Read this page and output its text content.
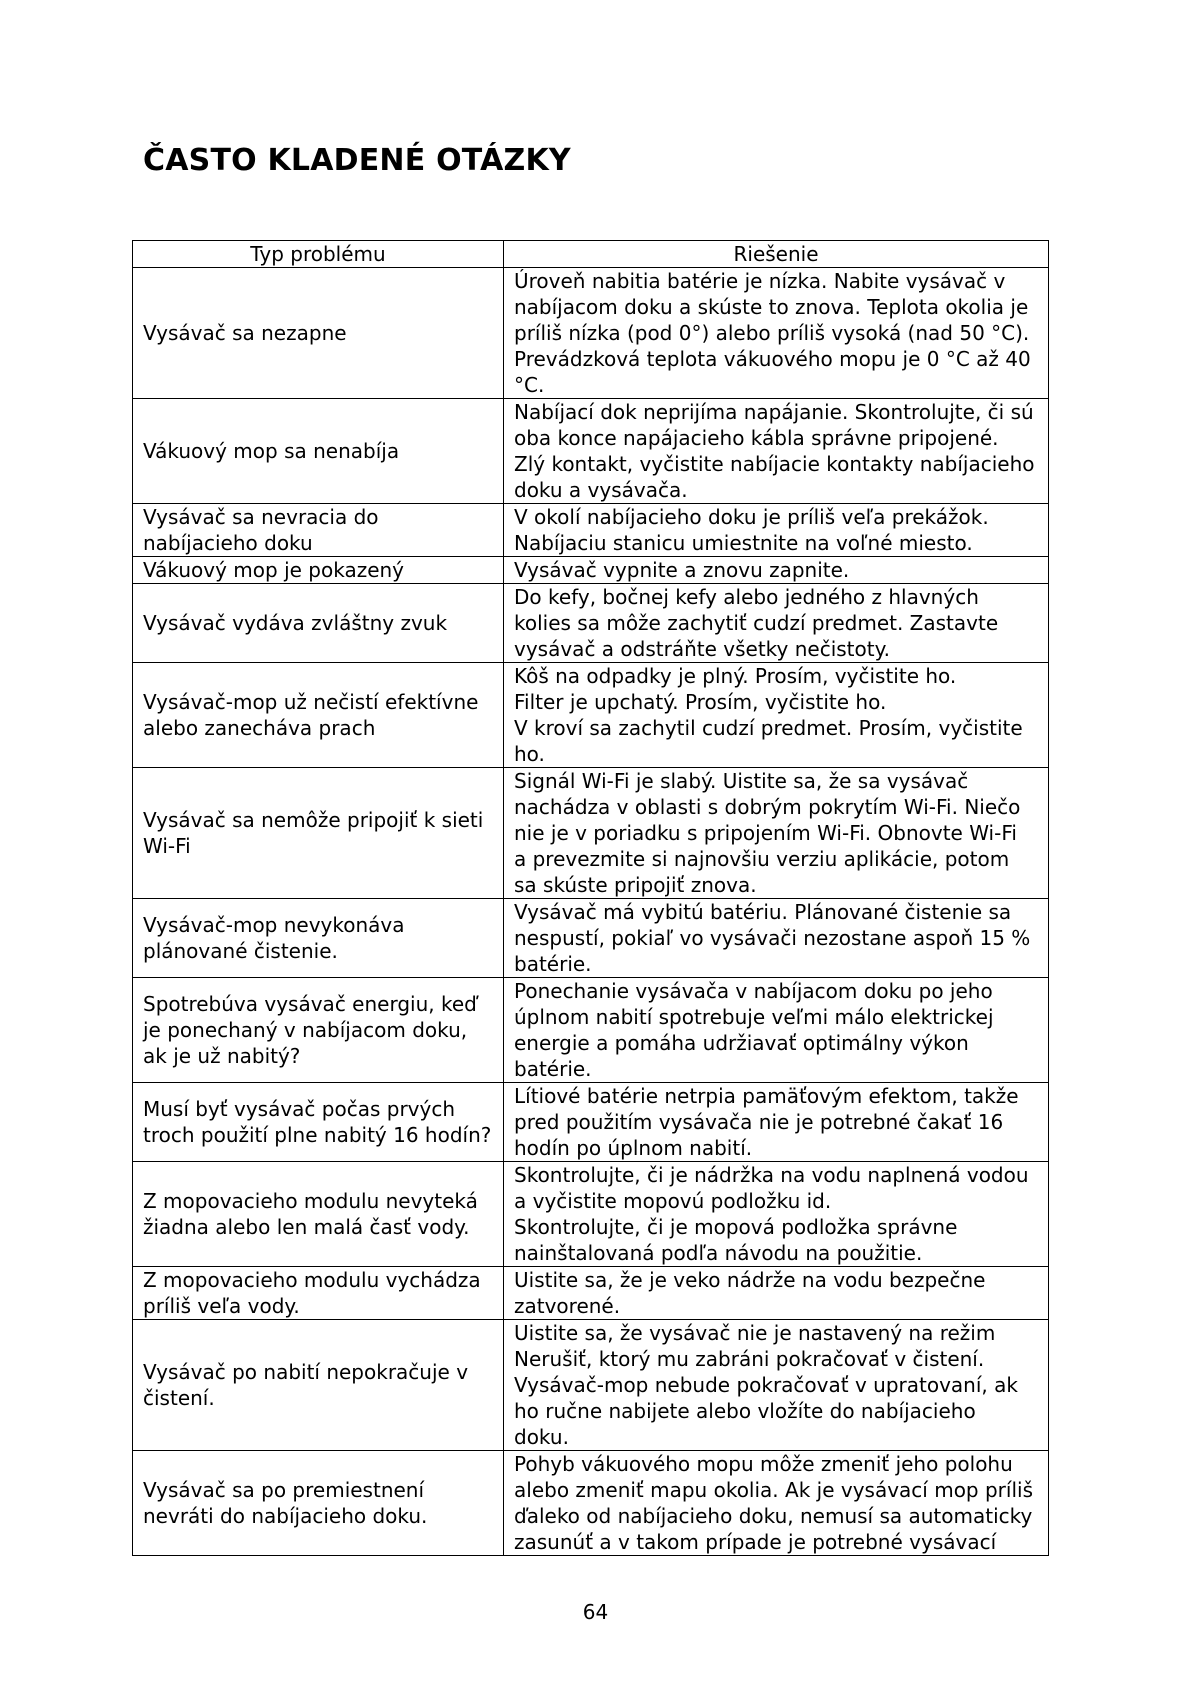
ČASTO KLADENÉ OTÁZKY
Typ problému	Riešenie

Vysávač sa nezapne	Úroveň nabitia batérie je nízka. Nabite vysávač v
nabíjacom doku a skúste to znova. Teplota okolia je
príliš nízka (pod 0°) alebo príliš vysoká (nad 50 °C).
Prevádzková teplota vákuového mopu je 0 °C až 40
°C.

Vákuový mop sa nenabíja	Nabíjací dok neprijíma napájanie. Skontrolujte, či sú
oba konce napájacieho kábla správne pripojené.
Zlý kontakt, vyčistite nabíjacie kontakty nabíjacieho
doku a vysávača.

Vysávač sa nevracia do
nabíjacieho doku	V okolí nabíjacieho doku je príliš veľa prekážok.
Nabíjaciu stanicu umiestnite na voľné miesto.

Vákuový mop je pokazený	Vysávač vypnite a znovu zapnite.

Vysávač vydáva zvláštny zvuk	Do kefy, bočnej kefy alebo jedného z hlavných
kolies sa môže zachytiť cudzí predmet. Zastavte
vysávač a odstráňte všetky nečistoty.

Vysávač-mop už nečistí efektívne
alebo zanecháva prach	Kôš na odpadky je plný. Prosím, vyčistite ho.
Filter je upchatý. Prosím, vyčistite ho.
V kroví sa zachytil cudzí predmet. Prosím, vyčistite
ho.

Vysávač sa nemôže pripojiť k sieti
Wi-Fi	Signál Wi-Fi je slabý. Uistite sa, že sa vysávač
nachádza v oblasti s dobrým pokrytím Wi-Fi. Niečo
nie je v poriadku s pripojením Wi-Fi. Obnovte Wi-Fi
a prevezmite si najnovšiu verziu aplikácie, potom
sa skúste pripojiť znova.

Vysávač-mop nevykonáva
plánované čistenie.	Vysávač má vybitú batériu. Plánované čistenie sa
nespustí, pokiaľ vo vysávači nezostane aspoň 15 %
batérie.

Spotrebúva vysávač energiu, keď
je ponechaný v nabíjacom doku,
ak je už nabitý?	Ponechanie vysávača v nabíjacom doku po jeho
úplnom nabití spotrebuje veľmi málo elektrickej
energie a pomáha udržiavať optimálny výkon
batérie.

Musí byť vysávač počas prvých
troch použití plne nabitý 16 hodín?	Lítiové batérie netrpia pamäťovým efektom, takže
pred použitím vysávača nie je potrebné čakať 16
hodín po úplnom nabití.

Z mopovacieho modulu nevyteká
žiadna alebo len malá časť vody.	Skontrolujte, či je nádržka na vodu naplnená vodou
a vyčistite mopovú podložku id.
Skontrolujte, či je mopová podložka správne
nainštalovaná podľa návodu na použitie.

Z mopovacieho modulu vychádza
príliš veľa vody.	Uistite sa, že je veko nádrže na vodu bezpečne
zatvorené.

Vysávač po nabití nepokračuje v
čistení.	Uistite sa, že vysávač nie je nastavený na režim
Nerušiť, ktorý mu zabráni pokračovať v čistení.
Vysávač-mop nebude pokračovať v upratovaní, ak
ho ručne nabijete alebo vložíte do nabíjacieho
doku.

Vysávač sa po premiestnení
nevráti do nabíjacieho doku.	Pohyb vákuového mopu môže zmeniť jeho polohu
alebo zmeniť mapu okolia. Ak je vysávací mop príliš
ďaleko od nabíjacieho doku, nemusí sa automaticky
zasunúť a v takom prípade je potrebné vysávací
64
